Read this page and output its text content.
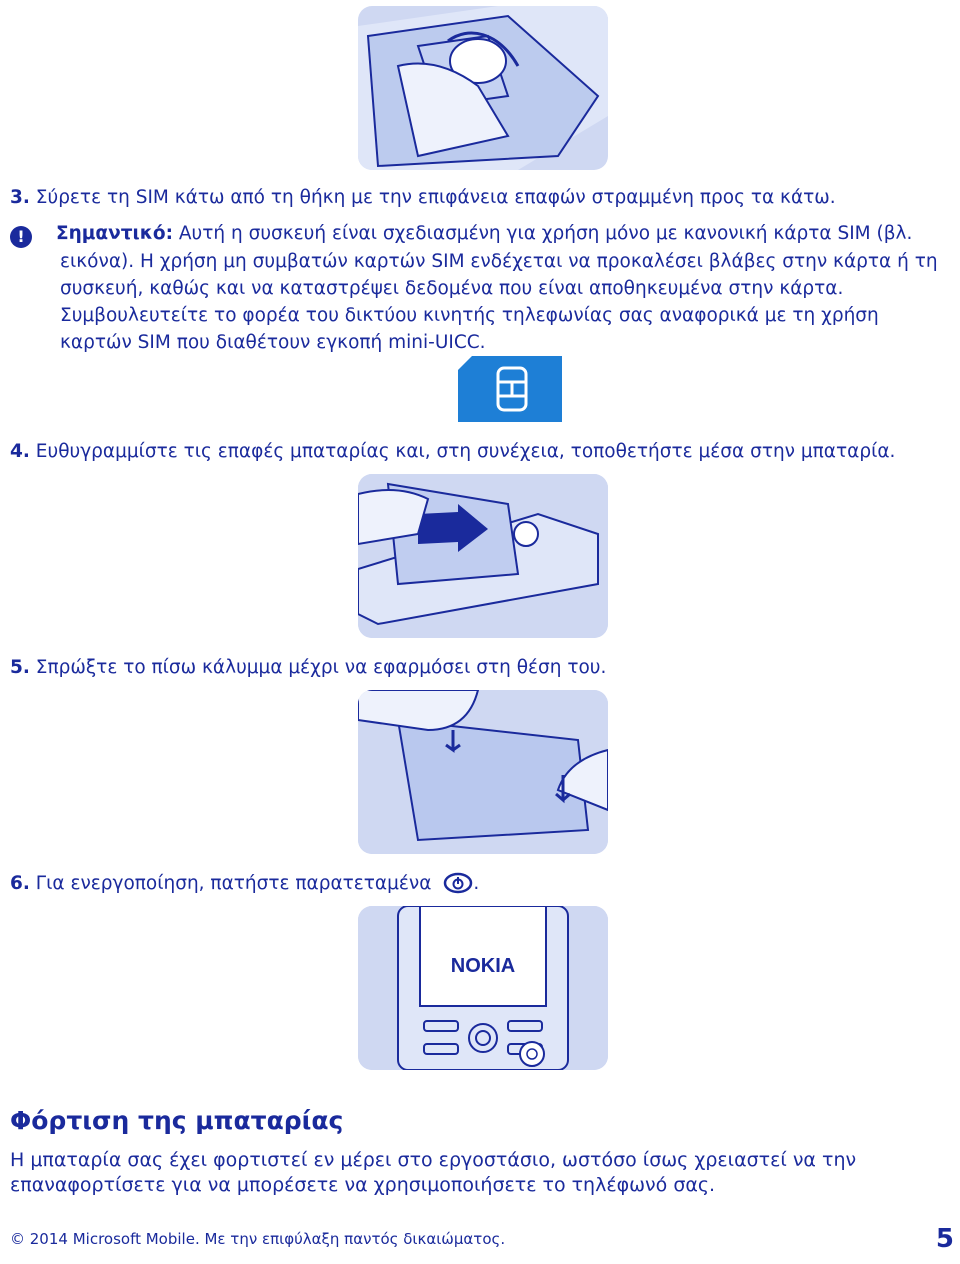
3. Σύρετε τη SIM κάτω από τη θήκη με την επιφάνεια επαφών στραμμένη προς τα κάτω.
! Σημαντικό: Αυτή η συσκευή είναι σχεδιασμένη για χρήση μόνο με κανονική κάρτα SIM (βλ.
εικόνα). Η χρήση μη συμβατών καρτών SIM ενδέχεται να προκαλέσει βλάβες στην κάρτα ή τη
συσκευή, καθώς και να καταστρέψει δεδομένα που είναι αποθηκευμένα στην κάρτα.
Συμβουλευτείτε το φορέα του δικτύου κινητής τηλεφωνίας σας αναφορικά με τη χρήση
καρτών SIM που διαθέτουν εγκοπή mini-UICC.
4. Ευθυγραμμίστε τις επαφές μπαταρίας και, στη συνέχεια, τοποθετήστε μέσα στην μπαταρία.
5. Σπρώξτε το πίσω κάλυμμα μέχρι να εφαρμόσει στη θέση του.
6. Για ενεργοποίηση, πατήστε παρατεταμένα .
NOKIA
Φόρτιση της μπαταρίας
Η μπαταρία σας έχει φορτιστεί εν μέρει στο εργοστάσιο, ωστόσο ίσως χρειαστεί να την
επαναφορτίσετε για να μπορέσετε να χρησιμοποιήσετε το τηλέφωνό σας.
© 2014 Microsoft Mobile. Με την επιφύλαξη παντός δικαιώματος.	5
